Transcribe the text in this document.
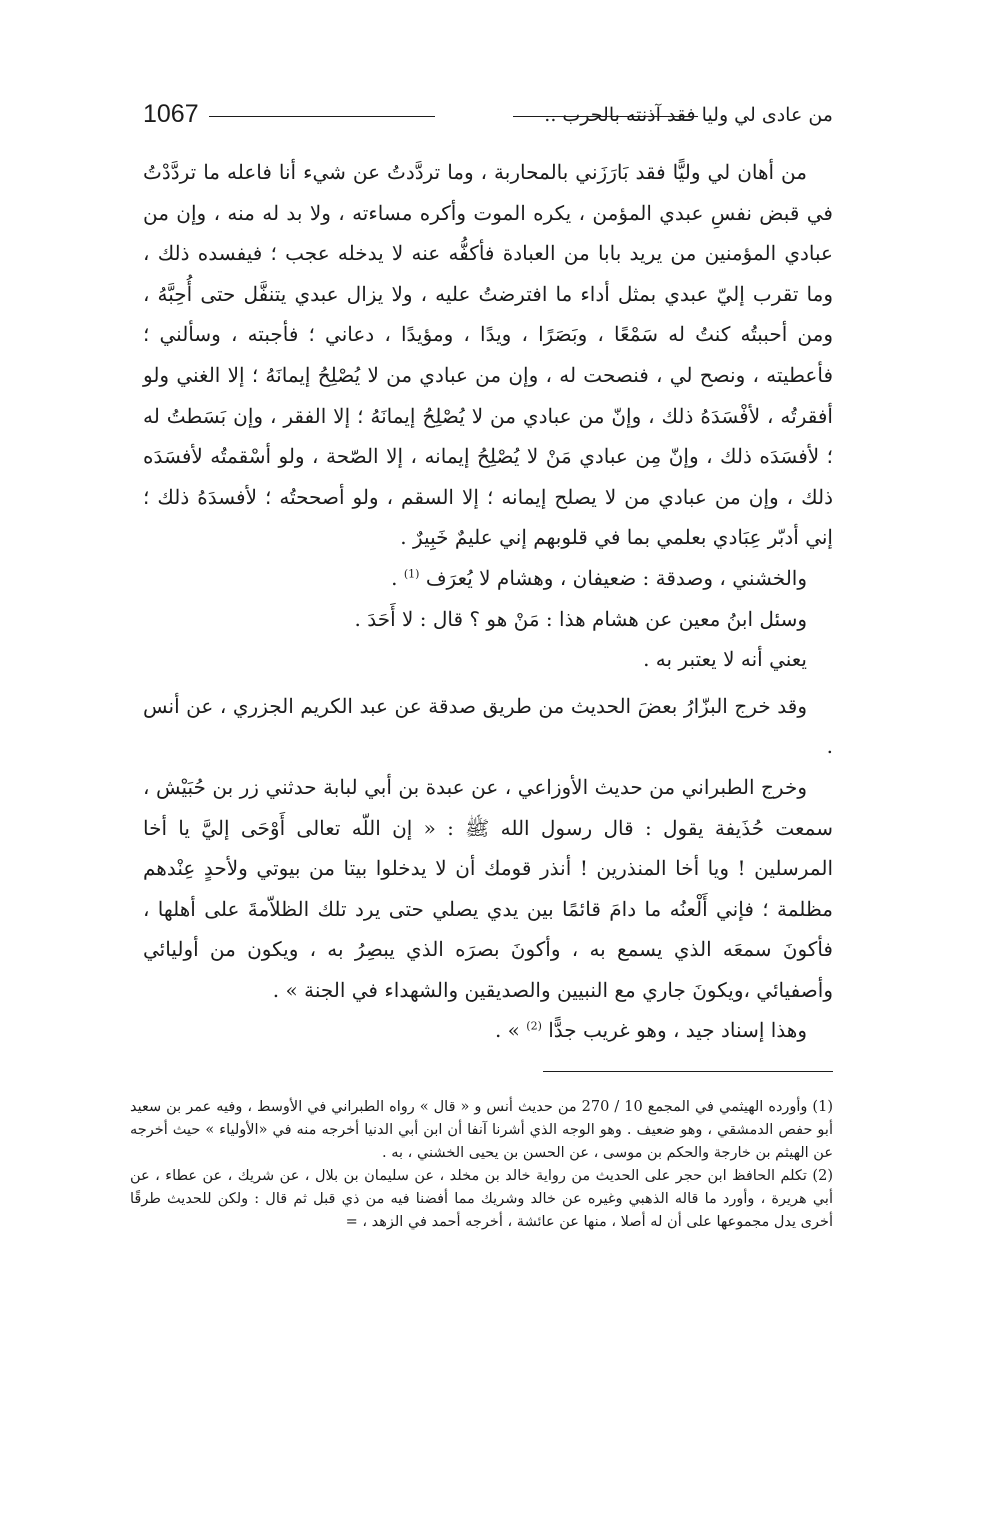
1067	من عادى لي وليا فقد آذنته بالحرب ..

من أهان لي وليًّا فقد بَارَزَني بالمحاربة ، وما تردَّدتُ عن شيء أنا فاعله ما تردَّدْتُ في قبض نفسِ عبدي المؤمن ، يكره الموت وأكره مساءته ، ولا بد له منه ، وإن من عبادي المؤمنين من يريد بابا من العبادة فأكفُّه عنه لا يدخله عجب ؛ فيفسده ذلك ، وما تقرب إليّ عبدي بمثل أداء ما افترضتُ عليه ، ولا يزال عبدي يتنفَّل حتى أُحِبَّهُ ، ومن أحببتُه كنتُ له سَمْعًا ، وبَصَرًا ، ويدًا ، ومؤيدًا ، دعاني ؛ فأجبته ، وسألني ؛ فأعطيته ، ونصح لي ، فنصحت له ، وإن من عبادي من لا يُصْلِحُ إيمانَهُ ؛ إلا الغني ولو أفقرتُه ، لأفْسَدَهُ ذلك ، وإنّ من عبادي من لا يُصْلِحُ إيمانَهُ ؛ إلا الفقر ، وإن بَسَطتُ له ؛ لأفسَدَه ذلك ، وإنّ مِن عبادي مَنْ لا يُصْلِحُ إيمانه ، إلا الصّحة ، ولو أسْقمتُه لأفسَدَه ذلك ، وإن من عبادي من لا يصلح إيمانه ؛ إلا السقم ، ولو أصححتُه ؛ لأفسدَهُ ذلك ؛ إني أدبّر عِبَادي بعلمي بما في قلوبهم إني عليمٌ خَبِيرٌ .

والخشني ، وصدقة : ضعيفان ، وهشام لا يُعرَف $^{(1)}$ .

وسئل ابنُ معين عن هشام هذا : مَنْ هو ؟ قال : لا أَحَدَ .

يعني أنه لا يعتبر به .

وقد خرج البزّارُ بعضَ الحديث من طريق صدقة عن عبد الكريم الجزري ، عن أنس .

وخرج الطبراني من حديث الأوزاعي ، عن عبدة بن أبي لبابة حدثني زر بن حُبَيْش ، سمعت حُذَيفة يقول : قال رسول الله ﷺ : « إن اللّه تعالى أَوْحَى إليَّ يا أخا المرسلين ! ويا أخا المنذرين ! أنذر قومك أن لا يدخلوا بيتا من بيوتي ولأحدٍ عِنْدهم مظلمة ؛ فإني أَلْعنُه ما دامَ قائمًا بين يدي يصلي حتى يرد تلك الظلاّمةَ على أهلها ، فأكونَ سمعَه الذي يسمع به ، وأكونَ بصرَه الذي يبصِرُ به ، ويكون من أوليائي وأصفيائي ،ويكونَ جاري مع النبيين والصديقين والشهداء في الجنة » .

وهذا إسناد جيد ، وهو غريب جدًّا $^{(2)}$ » .

(1) وأورده الهيثمي في المجمع 10 / 270 من حديث أنس و « قال » رواه الطبراني في الأوسط ، وفيه عمر بن سعيد أبو حفص الدمشقي ، وهو ضعيف . وهو الوجه الذي أشرنا آنفا أن ابن أبي الدنيا أخرجه منه في «الأولياء » حيث أخرجه عن الهيثم بن خارجة والحكم بن موسى ، عن الحسن بن يحيى الخشني ، به .

(2) تكلم الحافظ ابن حجر على الحديث من رواية خالد بن مخلد ، عن سليمان بن بلال ، عن شريك ، عن عطاء ، عن أبي هريرة ، وأورد ما قاله الذهبي وغيره عن خالد وشريك مما أفضنا فيه من ذي قبل ثم قال : ولكن للحديث طرقًا أخرى يدل مجموعها على أن له أصلا ، منها عن عائشة ، أخرجه أحمد في الزهد ، =
